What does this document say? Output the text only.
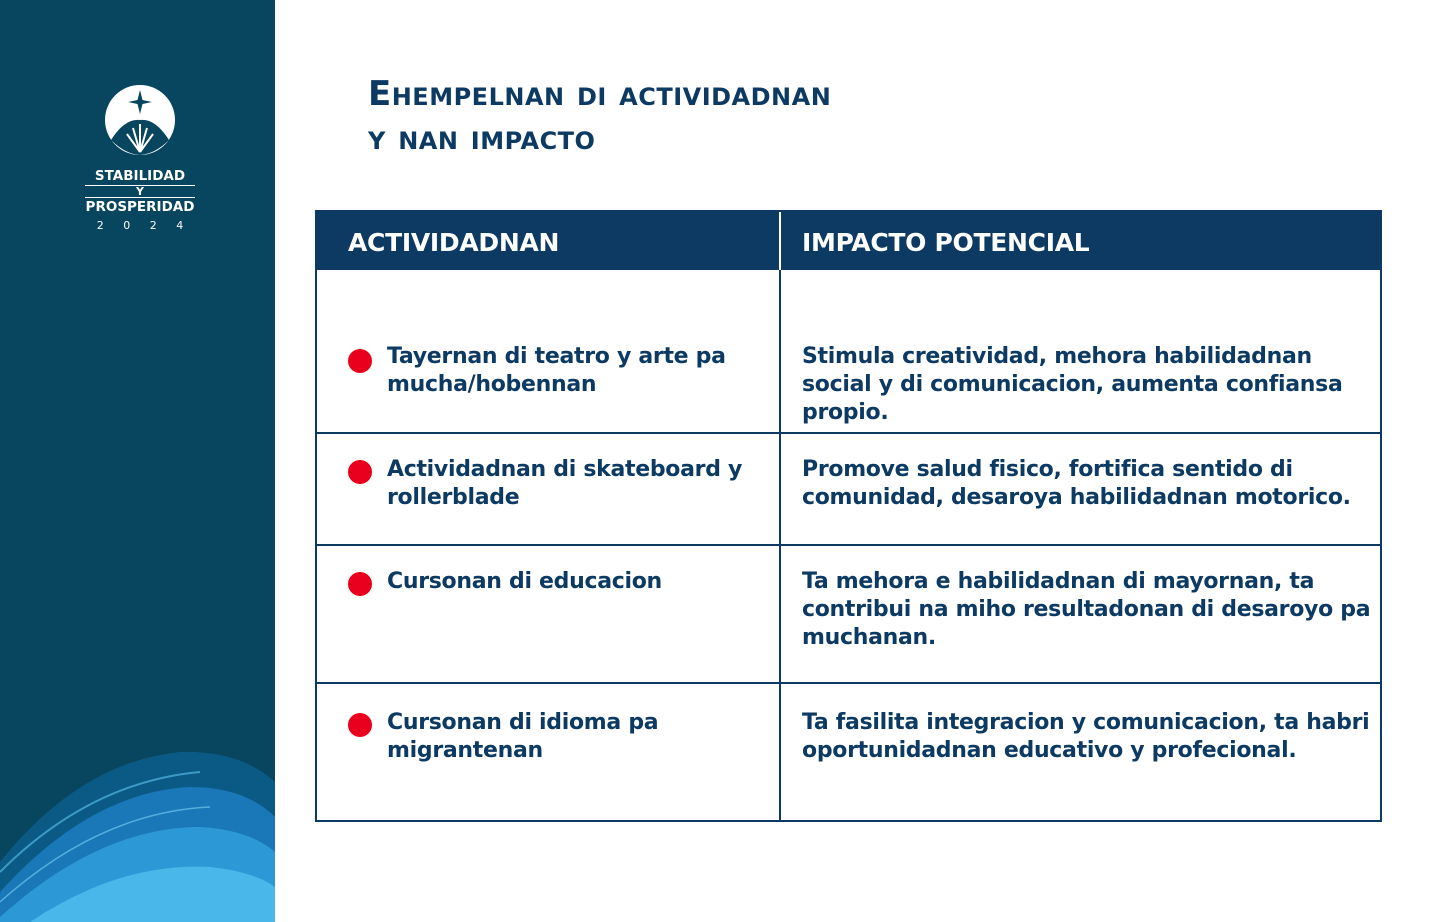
STABILIDAD
Y
PROSPERIDAD
2 0 2 4
Ehempelnan di actividadnan
y nan impacto
ACTIVIDADNAN	IMPACTO POTENCIAL
Tayernan di teatro y arte pa mucha/hobennan
Stimula creatividad, mehora habilidadnan social y di comunicacion, aumenta confiansa propio.
Actividadnan di skateboard y rollerblade
Promove salud fisico, fortifica sentido di comunidad, desaroya habilidadnan motorico.
Cursonan di educacion	Ta mehora e habilidadnan di mayornan, ta contribui na miho resultadonan di desaroyo pa muchanan.
Cursonan di idioma pa migrantenan
Ta fasilita integracion y comunicacion, ta habri oportunidadnan educativo y profecional.
